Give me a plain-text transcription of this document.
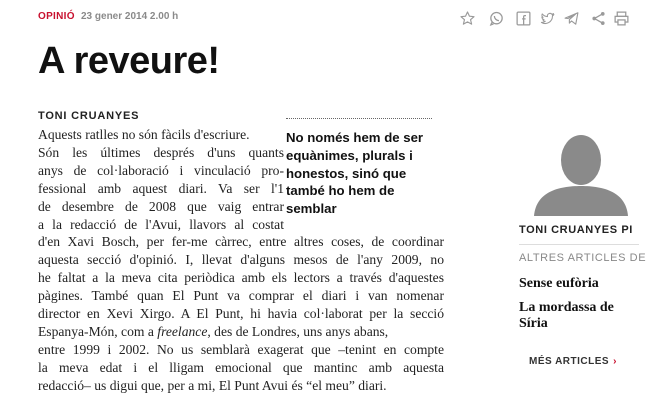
OPINIÓ 23 gener 2014 2.00 h
A reveure!
TONI CRUANYES
Aquests ratlles no són fàcils d'escriure.
Són les últimes després d'uns quants
anys de col·laboració i vinculació pro-
fessional amb aquest diari. Va ser l'1
de desembre de 2008 que vaig entrar
a la redacció de l'Avui, llavors al costat
d'en Xavi Bosch, per fer-me càrrec, entre altres coses, de coordinar
aquesta secció d'opinió. I, llevat d'alguns mesos de l'any 2009, no
he faltat a la meva cita periòdica amb els lectors a través d'aquestes
pàgines. També quan El Punt va comprar el diari i van nomenar
director en Xevi Xirgo. A El Punt, hi havia col·laborat per la secció
Espanya-Món, com a freelance, des de Londres, uns anys abans,
entre 1999 i 2002. No us semblarà exagerat que –tenint en compte
la meva edat i el lligam emocional que mantinc amb aquesta
redacció– us digui que, per a mi, El Punt Avui és “el meu” diari.
No només hem de ser equànimes, plurals i honestos, sinó que també ho hem de semblar
TONI CRUANYES PI
ALTRES ARTICLES DE
Sense eufòria
La mordassa de
Síria
MÉS ARTICLES ›
